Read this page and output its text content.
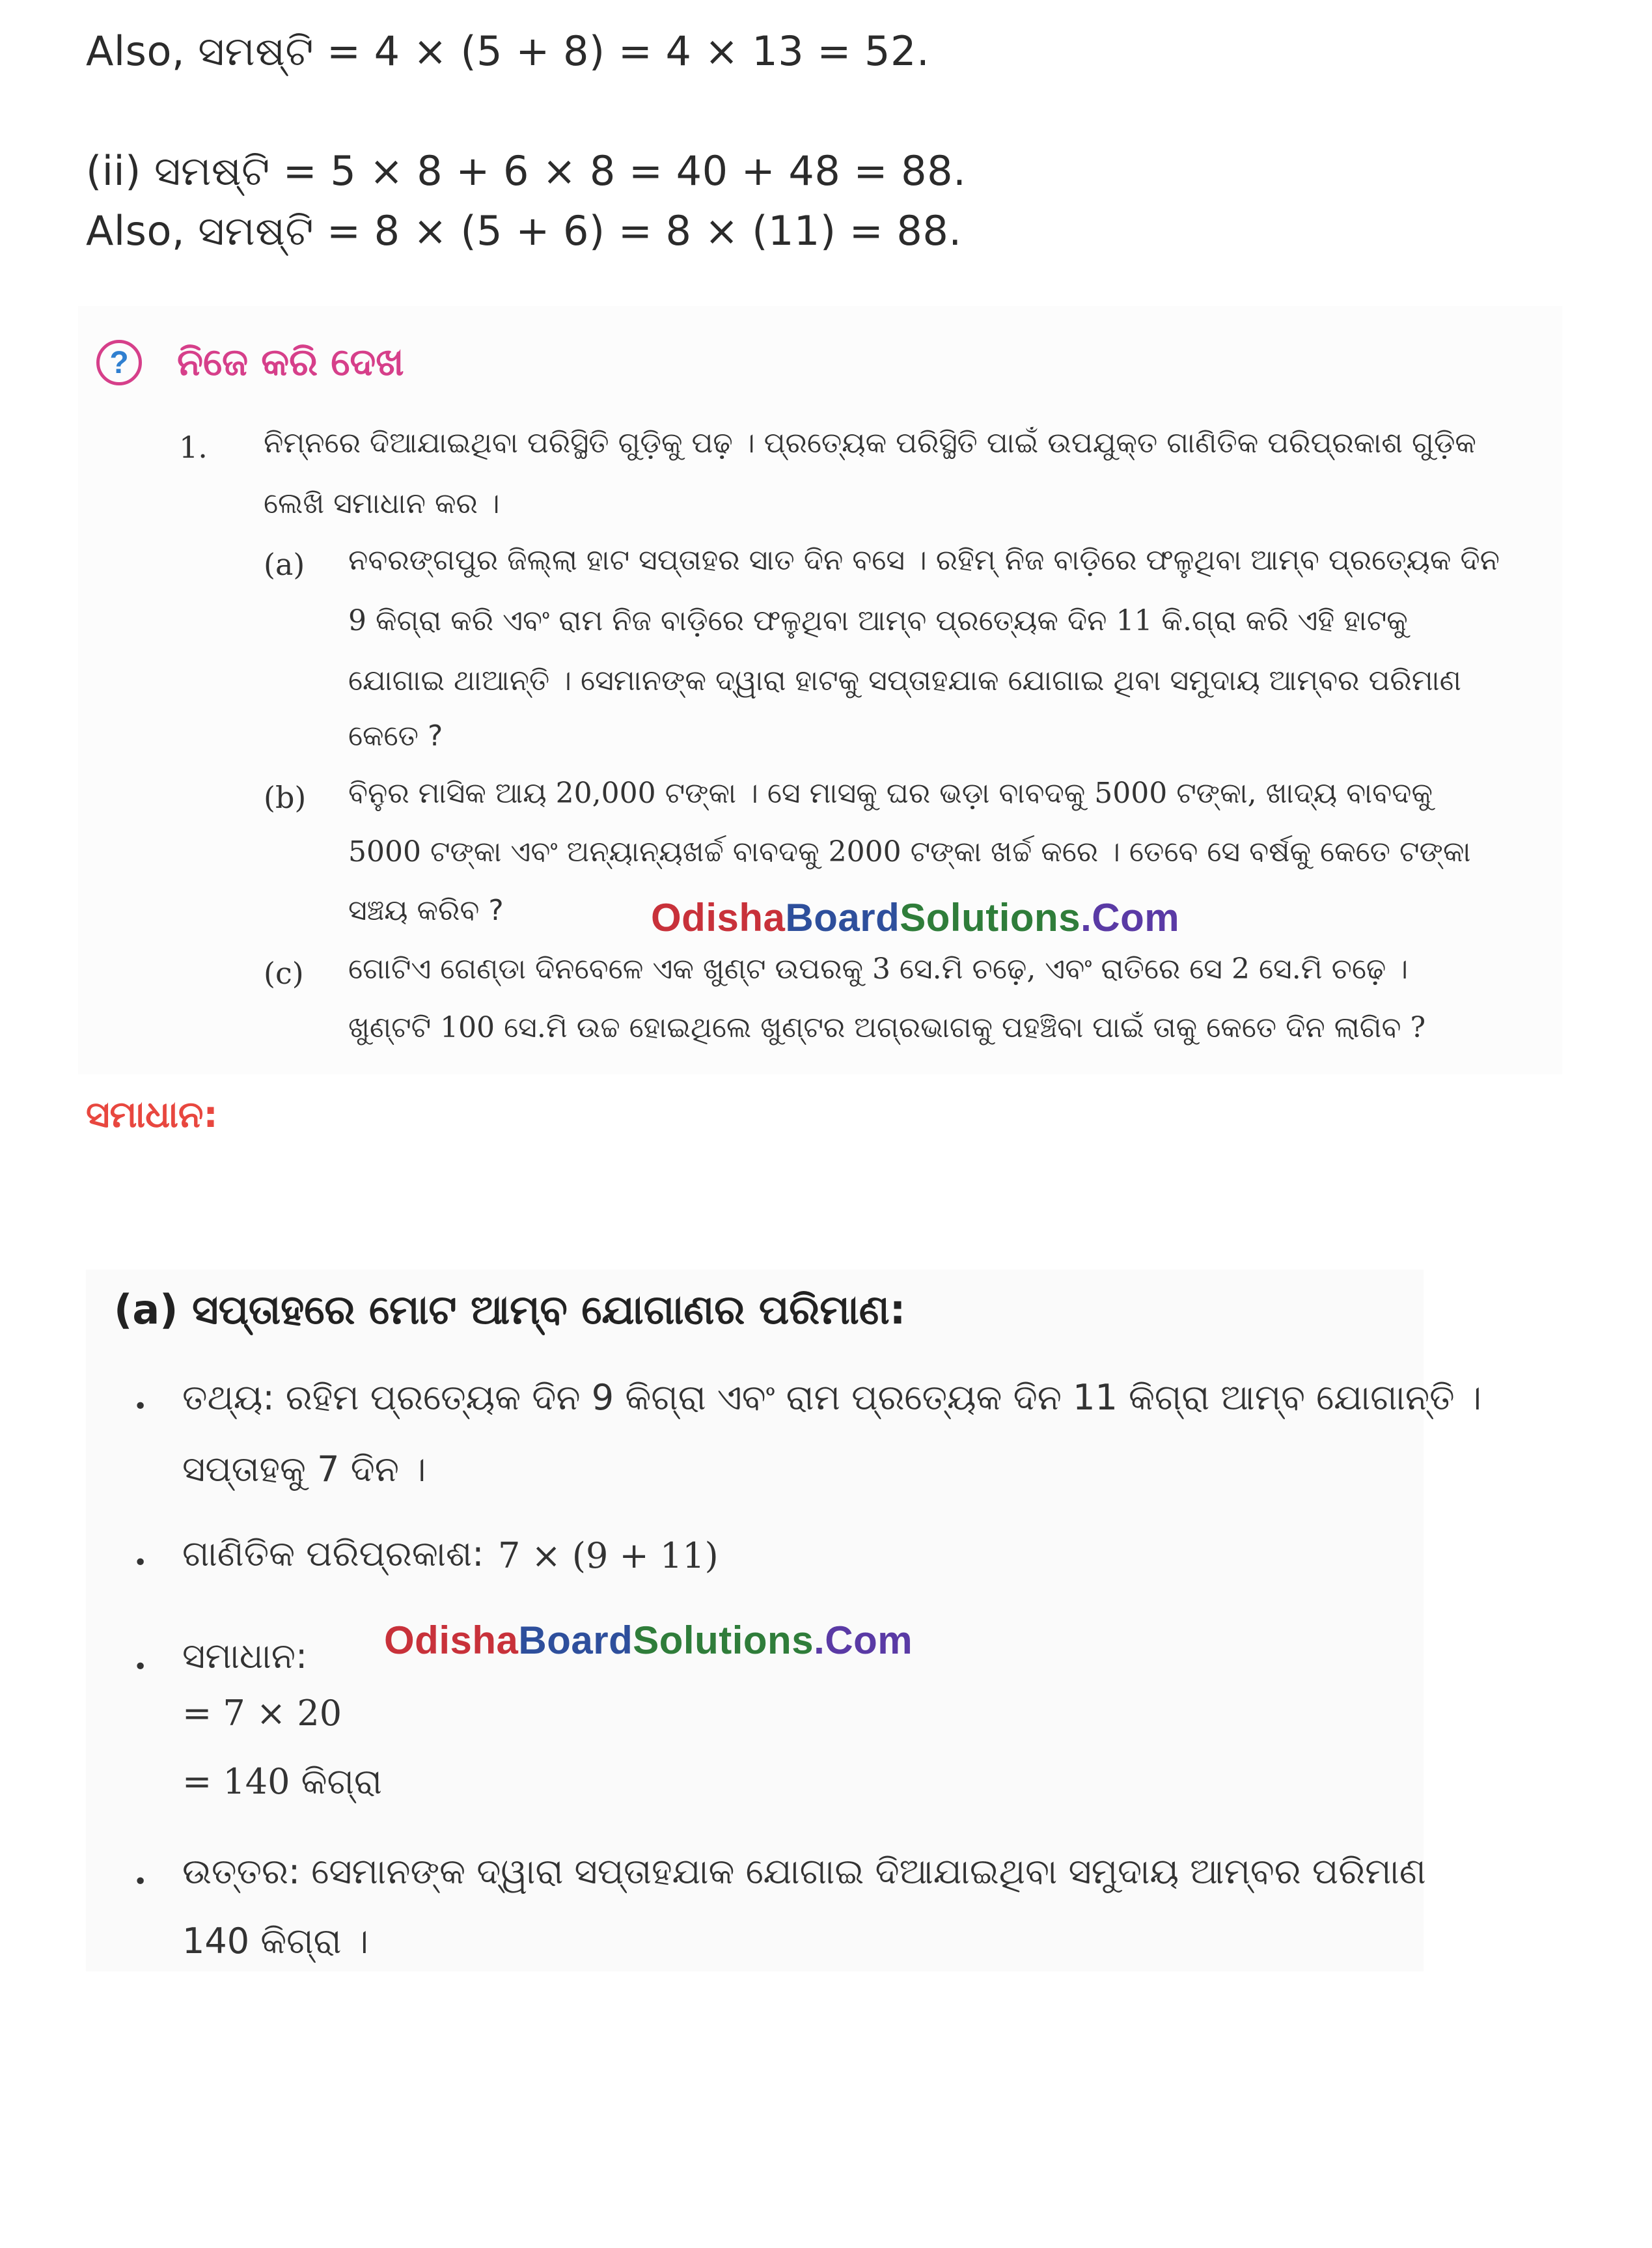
Also, ସମଷ୍ଟି = 4 × (5 + 8) = 4 × 13 = 52.
(ii) ସମଷ୍ଟି = 5 × 8 + 6 × 8 = 40 + 48 = 88.
Also, ସମଷ୍ଟି = 8 × (5 + 6) = 8 × (11) = 88.
?	ନିଜେ କରି ଦେଖ
1. ନିମ୍ନରେ ଦିଆଯାଇଥିବା ପରିସ୍ଥିତି ଗୁଡ଼ିକୁ ପଢ଼ । ପ୍ରତ୍ୟେକ ପରିସ୍ଥିତି ପାଇଁ ଉପଯୁକ୍ତ ଗାଣିତିକ ପରିପ୍ରକାଶ ଗୁଡ଼ିକ
ଲେଖି ସମାଧାନ କର ।
(a) ନବରଙ୍ଗପୁର ଜିଲ୍ଲା ହାଟ ସପ୍ତାହର ସାତ ଦିନ ବସେ । ରହିମ୍ ନିଜ ବାଡ଼ିରେ ଫଳୁଥିବା ଆମ୍ବ ପ୍ରତ୍ୟେକ ଦିନ
9 କିଗ୍ରା କରି ଏବଂ ରାମ ନିଜ ବାଡ଼ିରେ ଫଳୁଥିବା ଆମ୍ବ ପ୍ରତ୍ୟେକ ଦିନ 11 କି.ଗ୍ରା କରି ଏହି ହାଟକୁ
ଯୋଗାଇ ଥାଆନ୍ତି । ସେମାନଙ୍କ ଦ୍ୱାରା ହାଟକୁ ସପ୍ତାହଯାକ ଯୋଗାଇ ଥିବା ସମୁଦାୟ ଆମ୍ବର ପରିମାଣ
କେତେ ?
(b) ବିନୁର ମାସିକ ଆୟ 20,000 ଟଙ୍କା । ସେ ମାସକୁ ଘର ଭଡ଼ା ବାବଦକୁ 5000 ଟଙ୍କା, ଖାଦ୍ୟ ବାବଦକୁ
5000 ଟଙ୍କା ଏବଂ ଅନ୍ୟାନ୍ୟଖର୍ଚ୍ଚ ବାବଦକୁ 2000 ଟଙ୍କା ଖର୍ଚ୍ଚ କରେ । ତେବେ ସେ ବର୍ଷକୁ କେତେ ଟଙ୍କା
ସଞ୍ଚୟ କରିବ ?	OdishaBoardSolutions.Com
(c) ଗୋଟିଏ ଗେଣ୍ଡା ଦିନବେଳେ ଏକ ଖୁଣ୍ଟ ଉପରକୁ 3 ସେ.ମି ଚଢ଼େ, ଏବଂ ରାତିରେ ସେ 2 ସେ.ମି ଚଢ଼େ ।
ଖୁଣ୍ଟଟି 100 ସେ.ମି ଉଚ୍ଚ ହୋଇଥିଲେ ଖୁଣ୍ଟର ଅଗ୍ରଭାଗକୁ ପହଞ୍ଚିବା ପାଇଁ ତାକୁ କେତେ ଦିନ ଲାଗିବ ?
ସମାଧାନ:
(a) ସପ୍ତାହରେ ମୋଟ ଆମ୍ବ ଯୋଗାଣର ପରିମାଣ:
• ତଥ୍ୟ: ରହିମ ପ୍ରତ୍ୟେକ ଦିନ 9 କିଗ୍ରା ଏବଂ ରାମ ପ୍ରତ୍ୟେକ ଦିନ 11 କିଗ୍ରା ଆମ୍ବ ଯୋଗାନ୍ତି ।
ସପ୍ତାହକୁ 7 ଦିନ ।
• ଗାଣିତିକ ପରିପ୍ରକାଶ: 7 × (9 + 11)
• ସମାଧାନ: OdishaBoardSolutions.Com
= 7 × 20
= 140 କିଗ୍ରା
• ଉତ୍ତର: ସେମାନଙ୍କ ଦ୍ୱାରା ସପ୍ତାହଯାକ ଯୋଗାଇ ଦିଆଯାଇଥିବା ସମୁଦାୟ ଆମ୍ବର ପରିମାଣ
140 କିଗ୍ରା ।
